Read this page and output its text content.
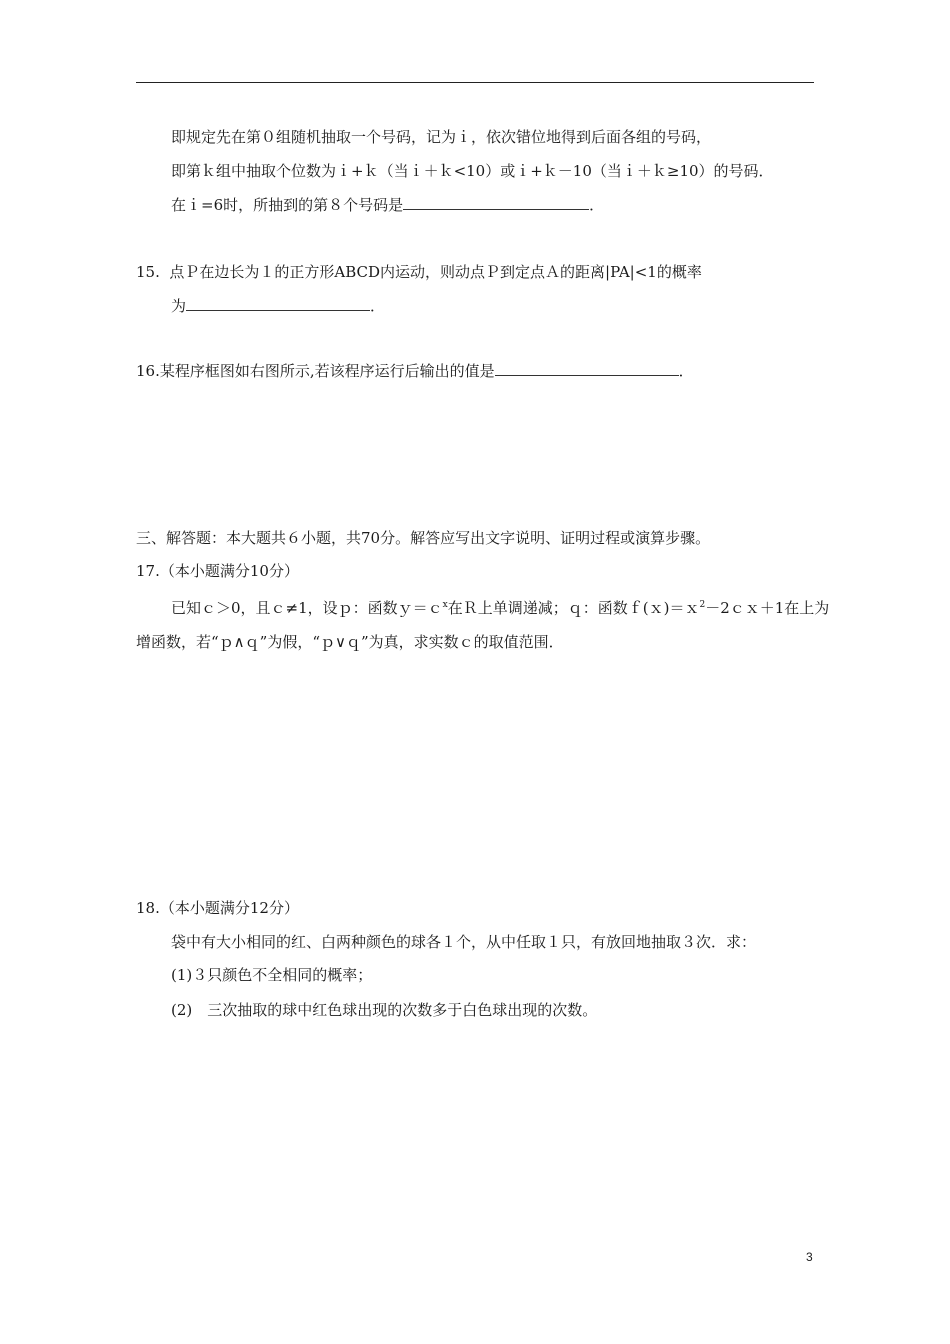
即规定先在第０组随机抽取一个号码，记为ｉ，依次错位地得到后面各组的号码，
即第ｋ组中抽取个位数为ｉ+ｋ（当ｉ＋ｋ<10）或ｉ+ｋ－10（当ｉ＋ｋ≥10）的号码．
在ｉ=6时，所抽到的第８个号码是	．
15. 点Ｐ在边长为１的正方形ABCD内运动，则动点Ｐ到定点Ａ的距离|PA|<1的概率
为	．
16.某程序框图如右图所示,若该程序运行后输出的值是	．
三、解答题：本大题共６小题，共70分。解答应写出文字说明、证明过程或演算步骤。
17.（本小题满分10分）
已知ｃ＞0，且ｃ≠1，设ｐ：函数ｙ＝ｃ$^x$在Ｒ上单调递减；ｑ：函数ｆ(ｘ)＝ｘ$^2$－2ｃｘ＋1在上为
增函数，若“ｐ∧ｑ”为假，“ｐ∨ｑ”为真，求实数ｃ的取值范围．
18.（本小题满分12分）
袋中有大小相同的红、白两种颜色的球各１个，从中任取１只，有放回地抽取３次．求：
(1)３只颜色不全相同的概率；
(2)　三次抽取的球中红色球出现的次数多于白色球出现的次数。
3
